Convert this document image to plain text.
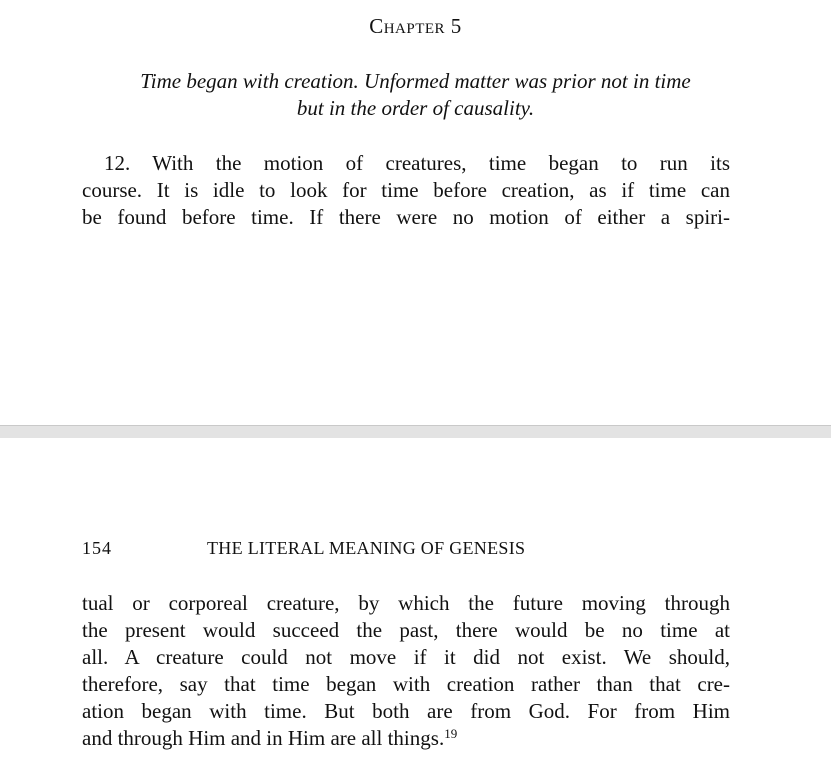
Chapter 5
Time began with creation. Unformed matter was prior not in time
but in the order of causality.
12. With the motion of creatures, time began to run its
course. It is idle to look for time before creation, as if time can
be found before time. If there were no motion of either a spiri-
154	THE LITERAL MEANING OF GENESIS
tual or corporeal creature, by which the future moving through
the present would succeed the past, there would be no time at
all. A creature could not move if it did not exist. We should,
therefore, say that time began with creation rather than that cre-
ation began with time. But both are from God. For from Him
and through Him and in Him are all things.$^{19}$
